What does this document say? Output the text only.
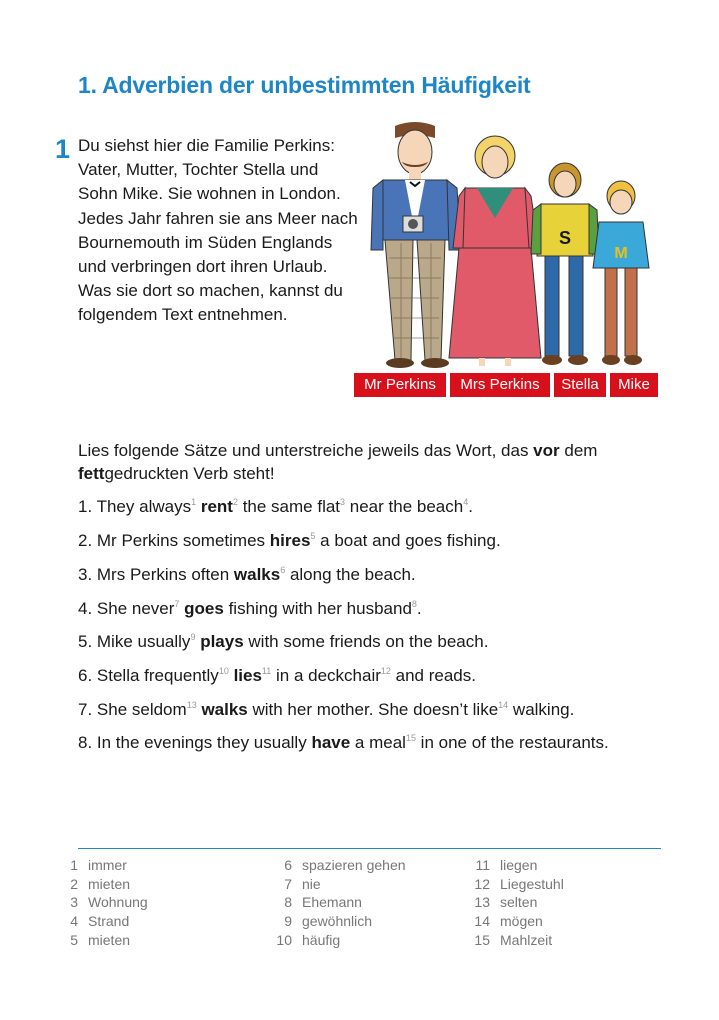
1. Adverbien der unbestimmten Häufigkeit
1 Du siehst hier die Familie Perkins:
Vater, Mutter, Tochter Stella und
Sohn Mike. Sie wohnen in London.
Jedes Jahr fahren sie ans Meer nach
Bournemouth im Süden Englands
und verbringen dort ihren Urlaub.
Was sie dort so machen, kannst du
folgendem Text entnehmen.
S
M
Mr Perkins	Mrs Perkins	Stella	Mike
Lies folgende Sätze und unterstreiche jeweils das Wort, das vor dem fettgedruckten Verb steht!
1. They always$^1$ rent$^2$ the same flat$^3$ near the beach$^4$.
2. Mr Perkins sometimes hires$^5$ a boat and goes fishing.
3. Mrs Perkins often walks$^6$ along the beach.
4. She never$^7$ goes fishing with her husband$^8$.
5. Mike usually$^9$ plays with some friends on the beach.
6. Stella frequently$^{10}$ lies$^{11}$ in a deckchair$^{12}$ and reads.
7. She seldom$^{13}$ walks with her mother. She doesn’t like$^{14}$ walking.
8. In the evenings they usually have a meal$^{15}$ in one of the restaurants.
1 immer
2 mieten
3 Wohnung
4 Strand
5 mieten
6 spazieren gehen
7 nie
8 Ehemann
9 gewöhnlich
10 häufig
11 liegen
12 Liegestuhl
13 selten
14 mögen
15 Mahlzeit
